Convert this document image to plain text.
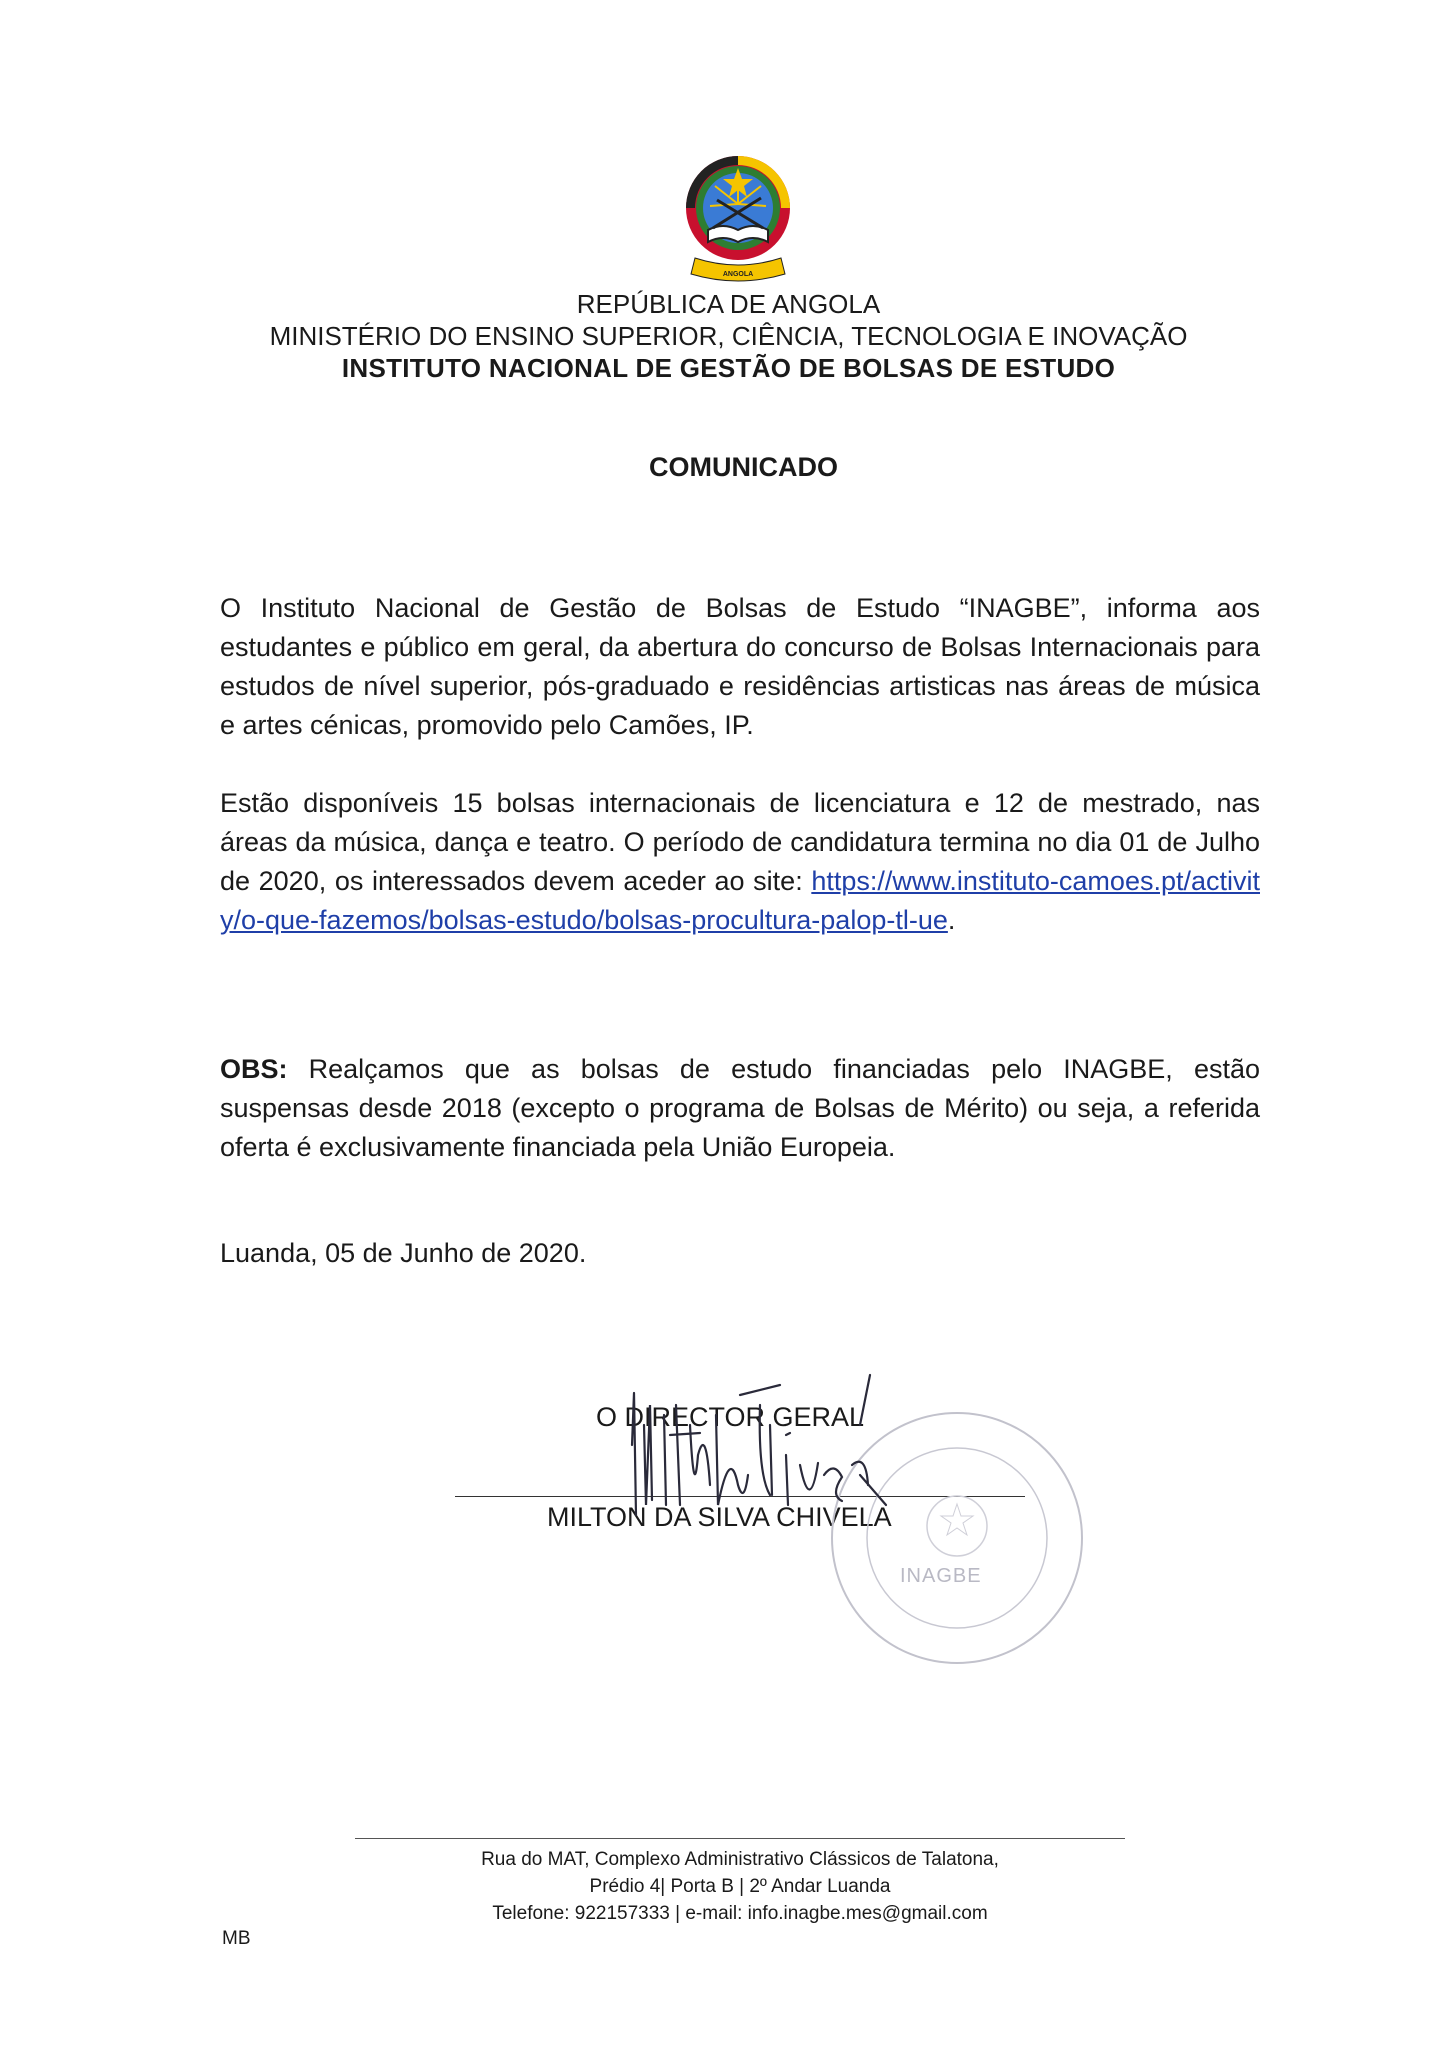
ANGOLA
REPÚBLICA DE ANGOLA
MINISTÉRIO DO ENSINO SUPERIOR, CIÊNCIA, TECNOLOGIA E INOVAÇÃO
INSTITUTO NACIONAL DE GESTÃO DE BOLSAS DE ESTUDO
COMUNICADO
O Instituto Nacional de Gestão de Bolsas de Estudo “INAGBE”, informa aos estudantes e público em geral, da abertura do concurso de Bolsas Internacionais para estudos de nível superior, pós-graduado e residências artisticas nas áreas de música e artes cénicas, promovido pelo Camões, IP.
Estão disponíveis 15 bolsas internacionais de licenciatura e 12 de mestrado, nas áreas da música, dança e teatro. O período de candidatura termina no dia 01 de Julho de 2020, os interessados devem aceder ao site: https://www.instituto-camoes.pt/activity/o-que-fazemos/bolsas-estudo/bolsas-procultura-palop-tl-ue.
OBS: Realçamos que as bolsas de estudo financiadas pelo INAGBE, estão suspensas desde 2018 (excepto o programa de Bolsas de Mérito) ou seja, a referida oferta é exclusivamente financiada pela União Europeia.
Luanda, 05 de Junho de 2020.
O DIRECTOR GERAL
MILTON DA SILVA CHIVELA
INAGBE
Rua do MAT, Complexo Administrativo Clássicos de Talatona,
Prédio 4| Porta B | 2º Andar Luanda
Telefone: 922157333 | e-mail: info.inagbe.mes@gmail.com
MB
